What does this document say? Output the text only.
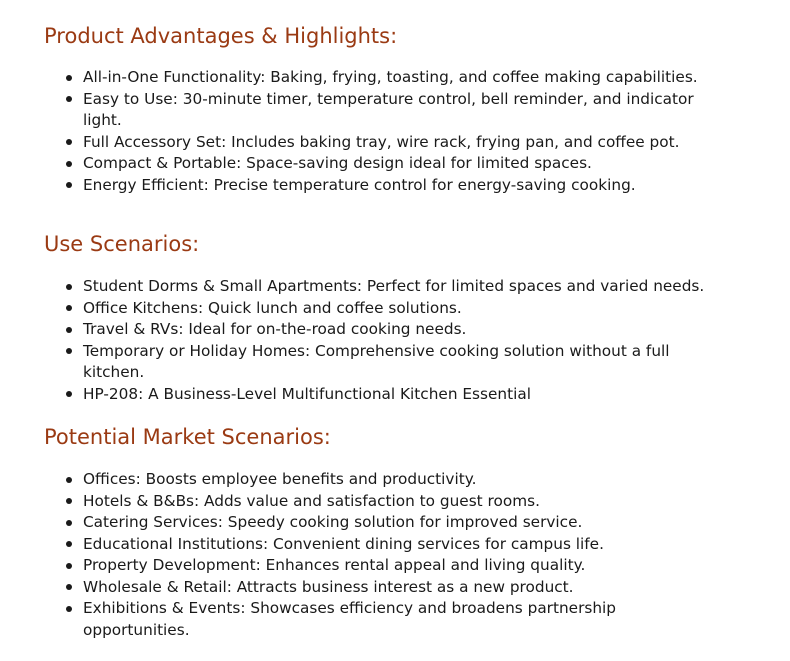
Product Advantages & Highlights:
All-in-One Functionality: Baking, frying, toasting, and coffee making capabilities.
Easy to Use: 30-minute timer, temperature control, bell reminder, and indicator light.
Full Accessory Set: Includes baking tray, wire rack, frying pan, and coffee pot.
Compact & Portable: Space-saving design ideal for limited spaces.
Energy Efficient: Precise temperature control for energy-saving cooking.
Use Scenarios:
Student Dorms & Small Apartments: Perfect for limited spaces and varied needs.
Office Kitchens: Quick lunch and coffee solutions.
Travel & RVs: Ideal for on-the-road cooking needs.
Temporary or Holiday Homes: Comprehensive cooking solution without a full kitchen.
HP-208: A Business-Level Multifunctional Kitchen Essential
Potential Market Scenarios:
Offices: Boosts employee benefits and productivity.
Hotels & B&Bs: Adds value and satisfaction to guest rooms.
Catering Services: Speedy cooking solution for improved service.
Educational Institutions: Convenient dining services for campus life.
Property Development: Enhances rental appeal and living quality.
Wholesale & Retail: Attracts business interest as a new product.
Exhibitions & Events: Showcases efficiency and broadens partnership opportunities.
